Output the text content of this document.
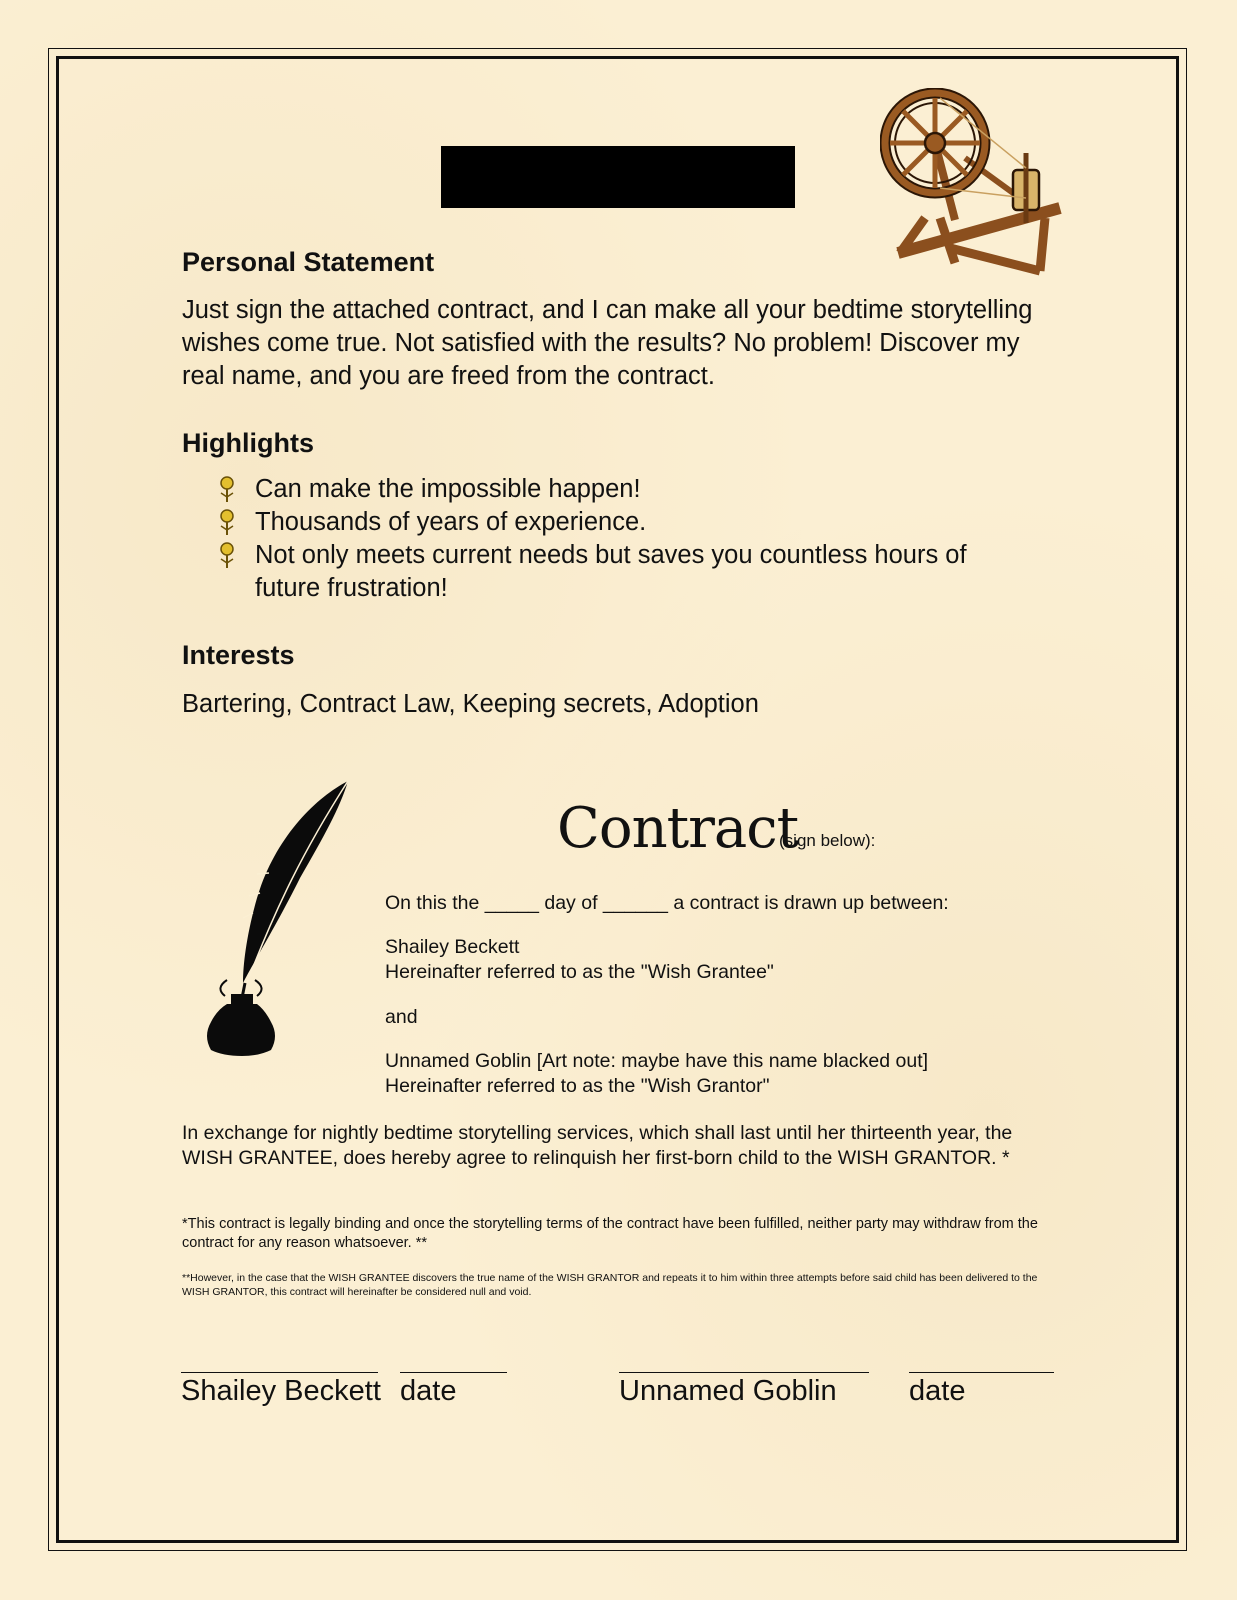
Personal Statement
Just sign the attached contract, and I can make all your bedtime storytelling wishes come true. Not satisfied with the results? No problem! Discover my real name, and you are freed from the contract.
Highlights
Can make the impossible happen!
Thousands of years of experience.
Not only meets current needs but saves you countless hours of future frustration!
Interests
Bartering, Contract Law, Keeping secrets, Adoption
Contract
(sign below):
On this the _____ day of ______ a contract is drawn up between:
Shailey Beckett
Hereinafter referred to as the "Wish Grantee"
and
Unnamed Goblin [Art note: maybe have this name blacked out]
Hereinafter referred to as the "Wish Grantor"
In exchange for nightly bedtime storytelling services, which shall last until her thirteenth year, the WISH GRANTEE, does hereby agree to relinquish her first-born child to the WISH GRANTOR. *
*This contract is legally binding and once the storytelling terms of the contract have been fulfilled, neither party may withdraw from the contract for any reason whatsoever. **
**However, in the case that the WISH GRANTEE discovers the true name of the WISH GRANTOR and repeats it to him within three attempts before said child has been delivered to the WISH GRANTOR, this contract will hereinafter be considered null and void.
Shailey Beckett date	Unnamed Goblin date
